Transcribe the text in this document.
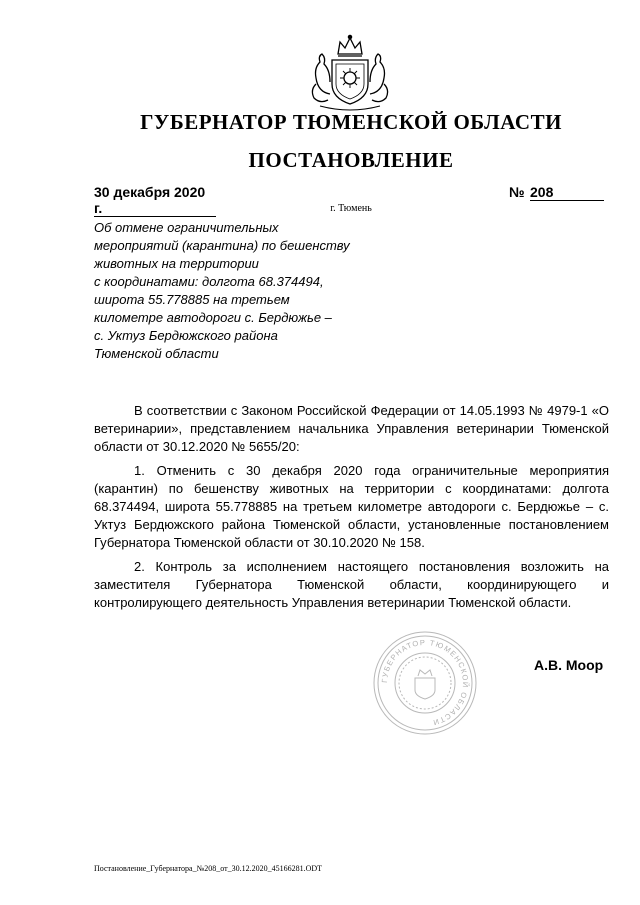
ГУБЕРНАТОР ТЮМЕНСКОЙ ОБЛАСТИ
ПОСТАНОВЛЕНИЕ
30 декабря 2020 г.
№ 208
г. Тюмень
Об отмене ограничительных
мероприятий (карантина) по бешенству
животных на территории
с координатами: долгота 68.374494,
широта 55.778885 на третьем
километре автодороги с. Бердюжье –
с. Уктуз Бердюжского района
Тюменской области

В соответствии с Законом Российской Федерации от 14.05.1993 № 4979-1 «О ветеринарии», представлением начальника Управления ветеринарии Тюменской области от 30.12.2020 № 5655/20:

1. Отменить с 30 декабря 2020 года ограничительные мероприятия (карантин) по бешенству животных на территории с координатами: долгота 68.374494, широта 55.778885 на третьем километре автодороги с. Бердюжье – с. Уктуз Бердюжского района Тюменской области, установленные постановлением Губернатора Тюменской области от 30.10.2020 № 158.

2. Контроль за исполнением настоящего постановления возложить на заместителя Губернатора Тюменской области, координирующего и контролирующего деятельность Управления ветеринарии Тюменской области.

ГУБЕРНАТОР ТЮМЕНСКОЙ ОБЛАСТИ
А.В. Моор
Постановление_Губернатора_№208_от_30.12.2020_45166281.ODT
